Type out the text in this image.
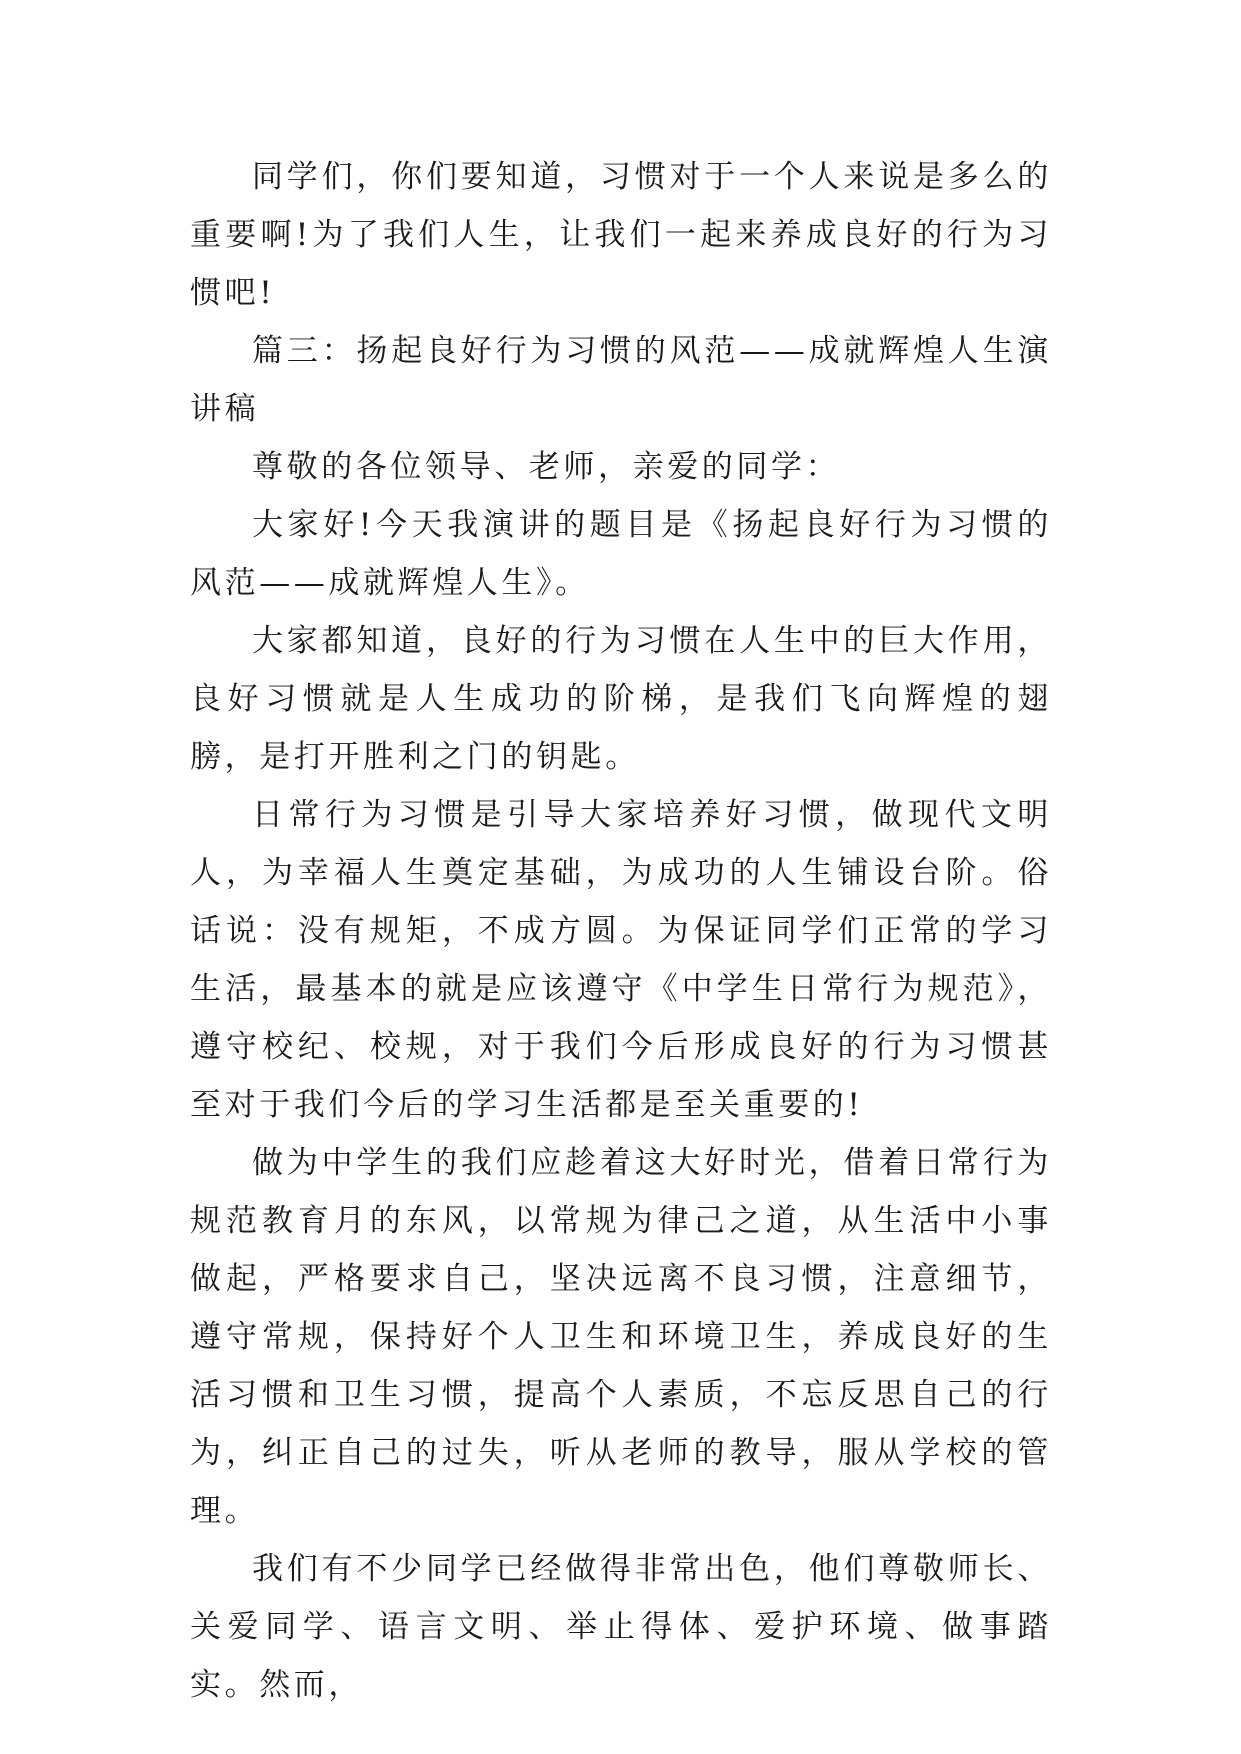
同学们，你们要知道，习惯对于一个人来说是多么的重要啊!为了我们人生，让我们一起来养成良好的行为习惯吧!

篇三：扬起良好行为习惯的风范——成就辉煌人生演讲稿

尊敬的各位领导、老师，亲爱的同学：

大家好!今天我演讲的题目是《扬起良好行为习惯的风范——成就辉煌人生》。

大家都知道，良好的行为习惯在人生中的巨大作用，良好习惯就是人生成功的阶梯，是我们飞向辉煌的翅膀，是打开胜利之门的钥匙。

日常行为习惯是引导大家培养好习惯，做现代文明人，为幸福人生奠定基础，为成功的人生铺设台阶。俗话说：没有规矩，不成方圆。为保证同学们正常的学习生活，最基本的就是应该遵守《中学生日常行为规范》，遵守校纪、校规，对于我们今后形成良好的行为习惯甚至对于我们今后的学习生活都是至关重要的!

做为中学生的我们应趁着这大好时光，借着日常行为规范教育月的东风，以常规为律己之道，从生活中小事做起，严格要求自己，坚决远离不良习惯，注意细节，遵守常规，保持好个人卫生和环境卫生，养成良好的生活习惯和卫生习惯，提高个人素质，不忘反思自己的行为，纠正自己的过失，听从老师的教导，服从学校的管理。

我们有不少同学已经做得非常出色，他们尊敬师长、关爱同学、语言文明、举止得体、爱护环境、做事踏实。然而，
